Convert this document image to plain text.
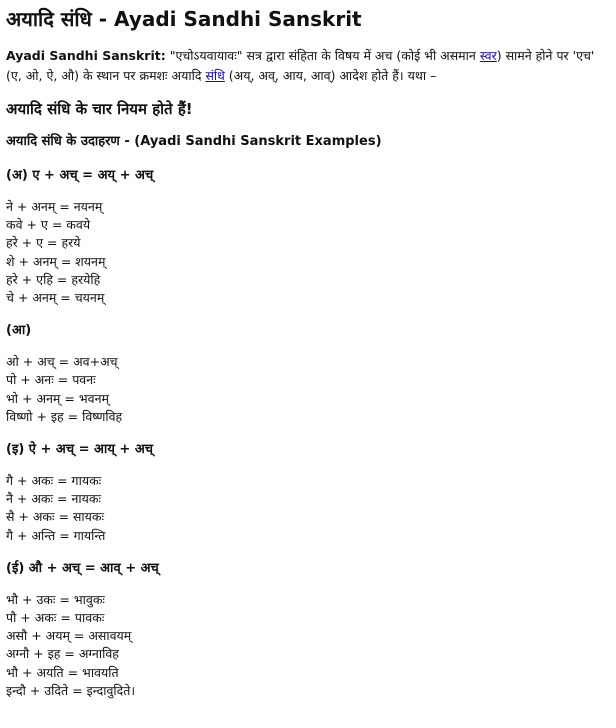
अयादि संधि - Ayadi Sandhi Sanskrit

Ayadi Sandhi Sanskrit: "एचोऽयवायावः" सत्र द्वारा संहिता के विषय में अच (कोई भी असमान स्वर) सामने होने पर 'एच' (ए, ओ, ऐ, औ) के स्थान पर क्रमशः अयादि संधि (अय्, अव्, आय, आव्) आदेश होते हैं। यथा –

अयादि संधि के चार नियम होते हैं!
अयादि संधि के उदाहरण - (Ayadi Sandhi Sanskrit Examples)
(अ) ए + अच् = अय् + अच्
ने + अनम् = नयनम्
कवे + ए = कवये
हरे + ए = हरये
शे + अनम् = शयनम्
हरे + एहि = हरयेहि
चे + अनम् = चयनम्
(आ)
ओ + अच् = अव+अच्
पो + अनः = पवनः
भो + अनम् = भवनम्
विष्णो + इह = विष्णविह
(इ) ऐ + अच् = आय् + अच्
गै + अकः = गायकः
नै + अकः = नायकः
सै + अकः = सायकः
गै + अन्ति = गायन्ति
(ई) औ + अच् = आव् + अच्
भौ + उकः = भावुकः
पौ + अकः = पावकः
असौ + अयम् = असावयम्
अग्नौ + इह = अग्नाविह
भौ + अयति = भावयति
इन्दौ + उदिते = इन्दावुदिते।
